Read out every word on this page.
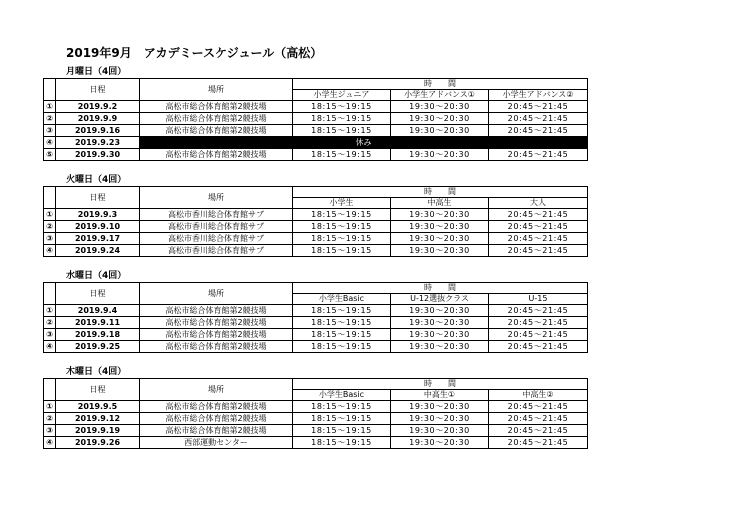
2019年9月　アカデミースケジュール（高松）
月曜日（4回）
	日程	場所	時　　間		
			小学生ジュニア	小学生アドバンス①	小学生アドバンス②
①	2019.9.2	高松市総合体育館第2競技場	18:15～19:15	19:30～20:30	20:45～21:45
②	2019.9.9	高松市総合体育館第2競技場	18:15～19:15	19:30～20:30	20:45～21:45
③	2019.9.16	高松市総合体育館第2競技場	18:15～19:15	19:30～20:30	20:45～21:45
④	2019.9.23	休み			
⑤	2019.9.30	高松市総合体育館第2競技場	18:15～19:15	19:30～20:30	20:45～21:45
火曜日（4回）
	日程	場所	時　　間		
			小学生	中高生	大人
①	2019.9.3	高松市香川総合体育館サブ	18:15～19:15	19:30～20:30	20:45～21:45
②	2019.9.10	高松市香川総合体育館サブ	18:15～19:15	19:30～20:30	20:45～21:45
③	2019.9.17	高松市香川総合体育館サブ	18:15～19:15	19:30～20:30	20:45～21:45
④	2019.9.24	高松市香川総合体育館サブ	18:15～19:15	19:30～20:30	20:45～21:45
水曜日（4回）
	日程	場所	時　　間		
			小学生Basic	U-12選抜クラス	U-15
①	2019.9.4	高松市総合体育館第2競技場	18:15～19:15	19:30～20:30	20:45～21:45
②	2019.9.11	高松市総合体育館第2競技場	18:15～19:15	19:30～20:30	20:45～21:45
③	2019.9.18	高松市総合体育館第2競技場	18:15～19:15	19:30～20:30	20:45～21:45
④	2019.9.25	高松市総合体育館第2競技場	18:15～19:15	19:30～20:30	20:45～21:45
木曜日（4回）
	日程	場所	時　　間		
			小学生Basic	中高生①	中高生②
①	2019.9.5	高松市総合体育館第2競技場	18:15～19:15	19:30～20:30	20:45～21:45
②	2019.9.12	高松市総合体育館第2競技場	18:15～19:15	19:30～20:30	20:45～21:45
③	2019.9.19	高松市総合体育館第2競技場	18:15～19:15	19:30～20:30	20:45～21:45
④	2019.9.26	西部運動センター	18:15～19:15	19:30～20:30	20:45～21:45
